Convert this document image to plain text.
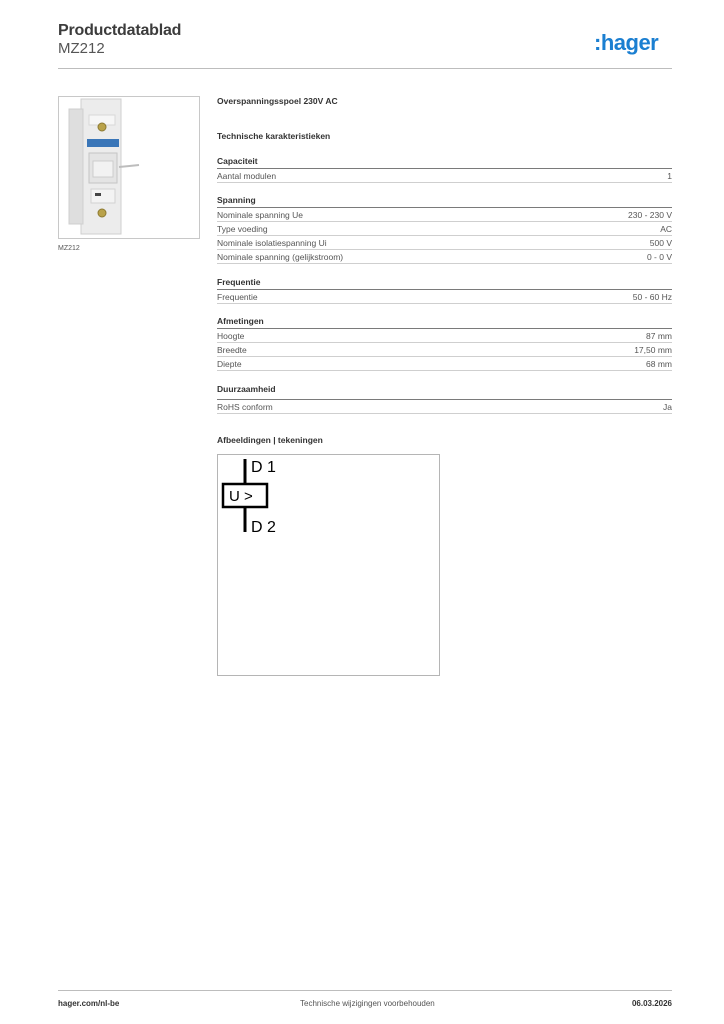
Productdatablad
MZ212	:hager
MZ212
Overspanningsspoel 230V AC
Technische karakteristieken
Capaciteit
Aantal modulen	1
Spanning
Nominale spanning Ue	230 - 230 V
Type voeding	AC
Nominale isolatiespanning Ui	500 V
Nominale spanning (gelijkstroom)	0 - 0 V
Frequentie
Frequentie	50 - 60 Hz
Afmetingen
Hoogte	87 mm
Breedte	17,50 mm
Diepte	68 mm
Duurzaamheid
RoHS conform	Ja
Afbeeldingen | tekeningen
D 1
U >
D 2
hager.com/nl-be	Technische wijzigingen voorbehouden	06.03.2026
